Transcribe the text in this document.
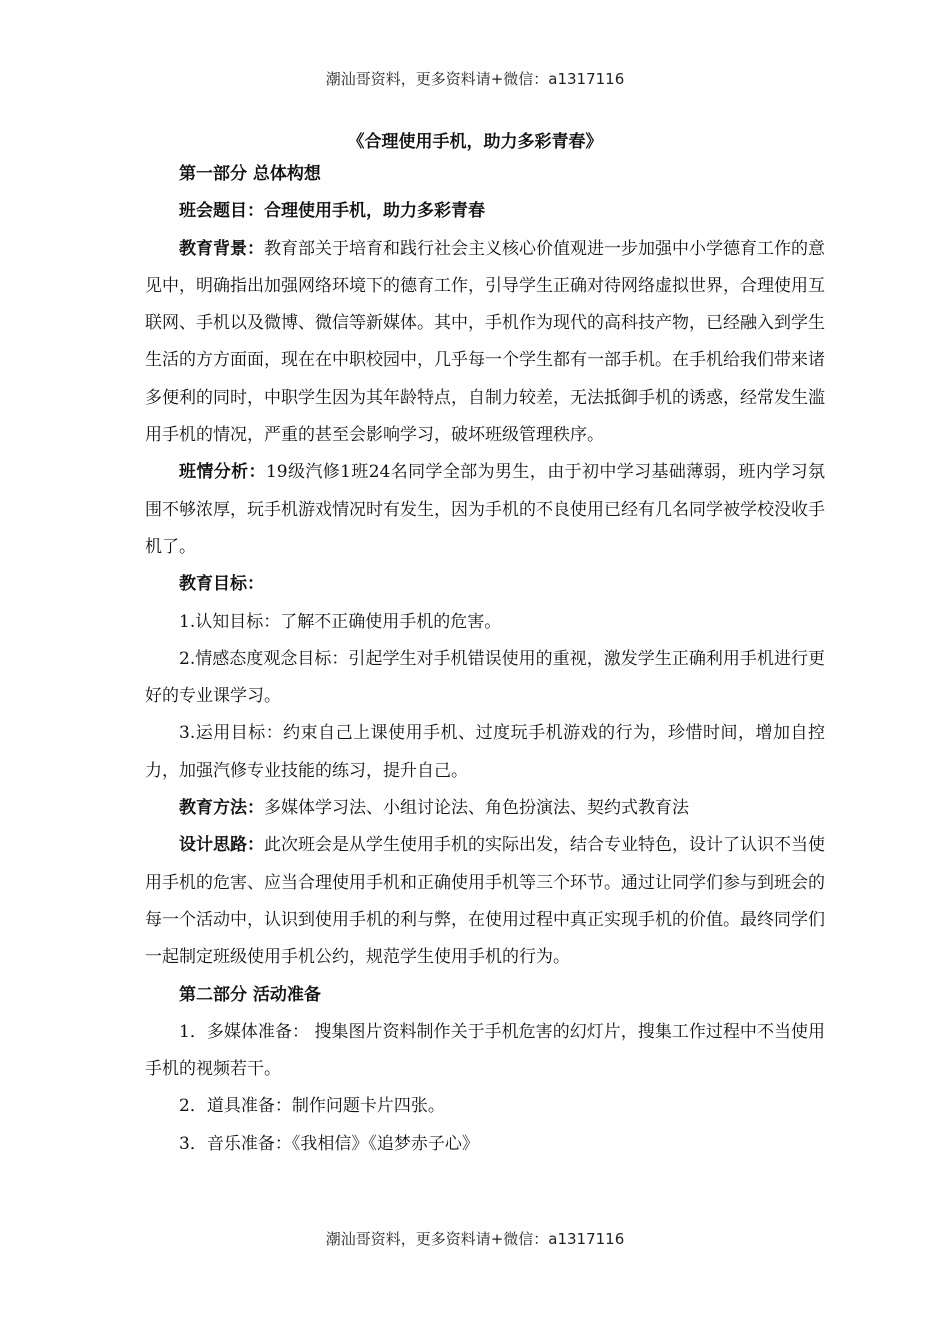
潮汕哥资料，更多资料请+微信：a1317116
《合理使用手机，助力多彩青春》

第一部分 总体构想

班会题目：合理使用手机，助力多彩青春

教育背景：教育部关于培育和践行社会主义核心价值观进一步加强中小学德育工作的意见中，明确指出加强网络环境下的德育工作，引导学生正确对待网络虚拟世界，合理使用互联网、手机以及微博、微信等新媒体。其中，手机作为现代的高科技产物，已经融入到学生生活的方方面面，现在在中职校园中，几乎每一个学生都有一部手机。在手机给我们带来诸多便利的同时，中职学生因为其年龄特点，自制力较差，无法抵御手机的诱惑，经常发生滥用手机的情况，严重的甚至会影响学习，破坏班级管理秩序。

班情分析：19级汽修1班24名同学全部为男生，由于初中学习基础薄弱，班内学习氛围不够浓厚，玩手机游戏情况时有发生，因为手机的不良使用已经有几名同学被学校没收手机了。

教育目标：

1.认知目标：了解不正确使用手机的危害。

2.情感态度观念目标：引起学生对手机错误使用的重视，激发学生正确利用手机进行更好的专业课学习。

3.运用目标：约束自己上课使用手机、过度玩手机游戏的行为，珍惜时间，增加自控力，加强汽修专业技能的练习，提升自己。

教育方法：多媒体学习法、小组讨论法、角色扮演法、契约式教育法

设计思路：此次班会是从学生使用手机的实际出发，结合专业特色，设计了认识不当使用手机的危害、应当合理使用手机和正确使用手机等三个环节。通过让同学们参与到班会的每一个活动中，认识到使用手机的利与弊，在使用过程中真正实现手机的价值。最终同学们一起制定班级使用手机公约，规范学生使用手机的行为。

第二部分 活动准备

1．多媒体准备： 搜集图片资料制作关于手机危害的幻灯片，搜集工作过程中不当使用手机的视频若干。

2．道具准备：制作问题卡片四张。

3．音乐准备：《我相信》《追梦赤子心》

潮汕哥资料，更多资料请+微信：a1317116
